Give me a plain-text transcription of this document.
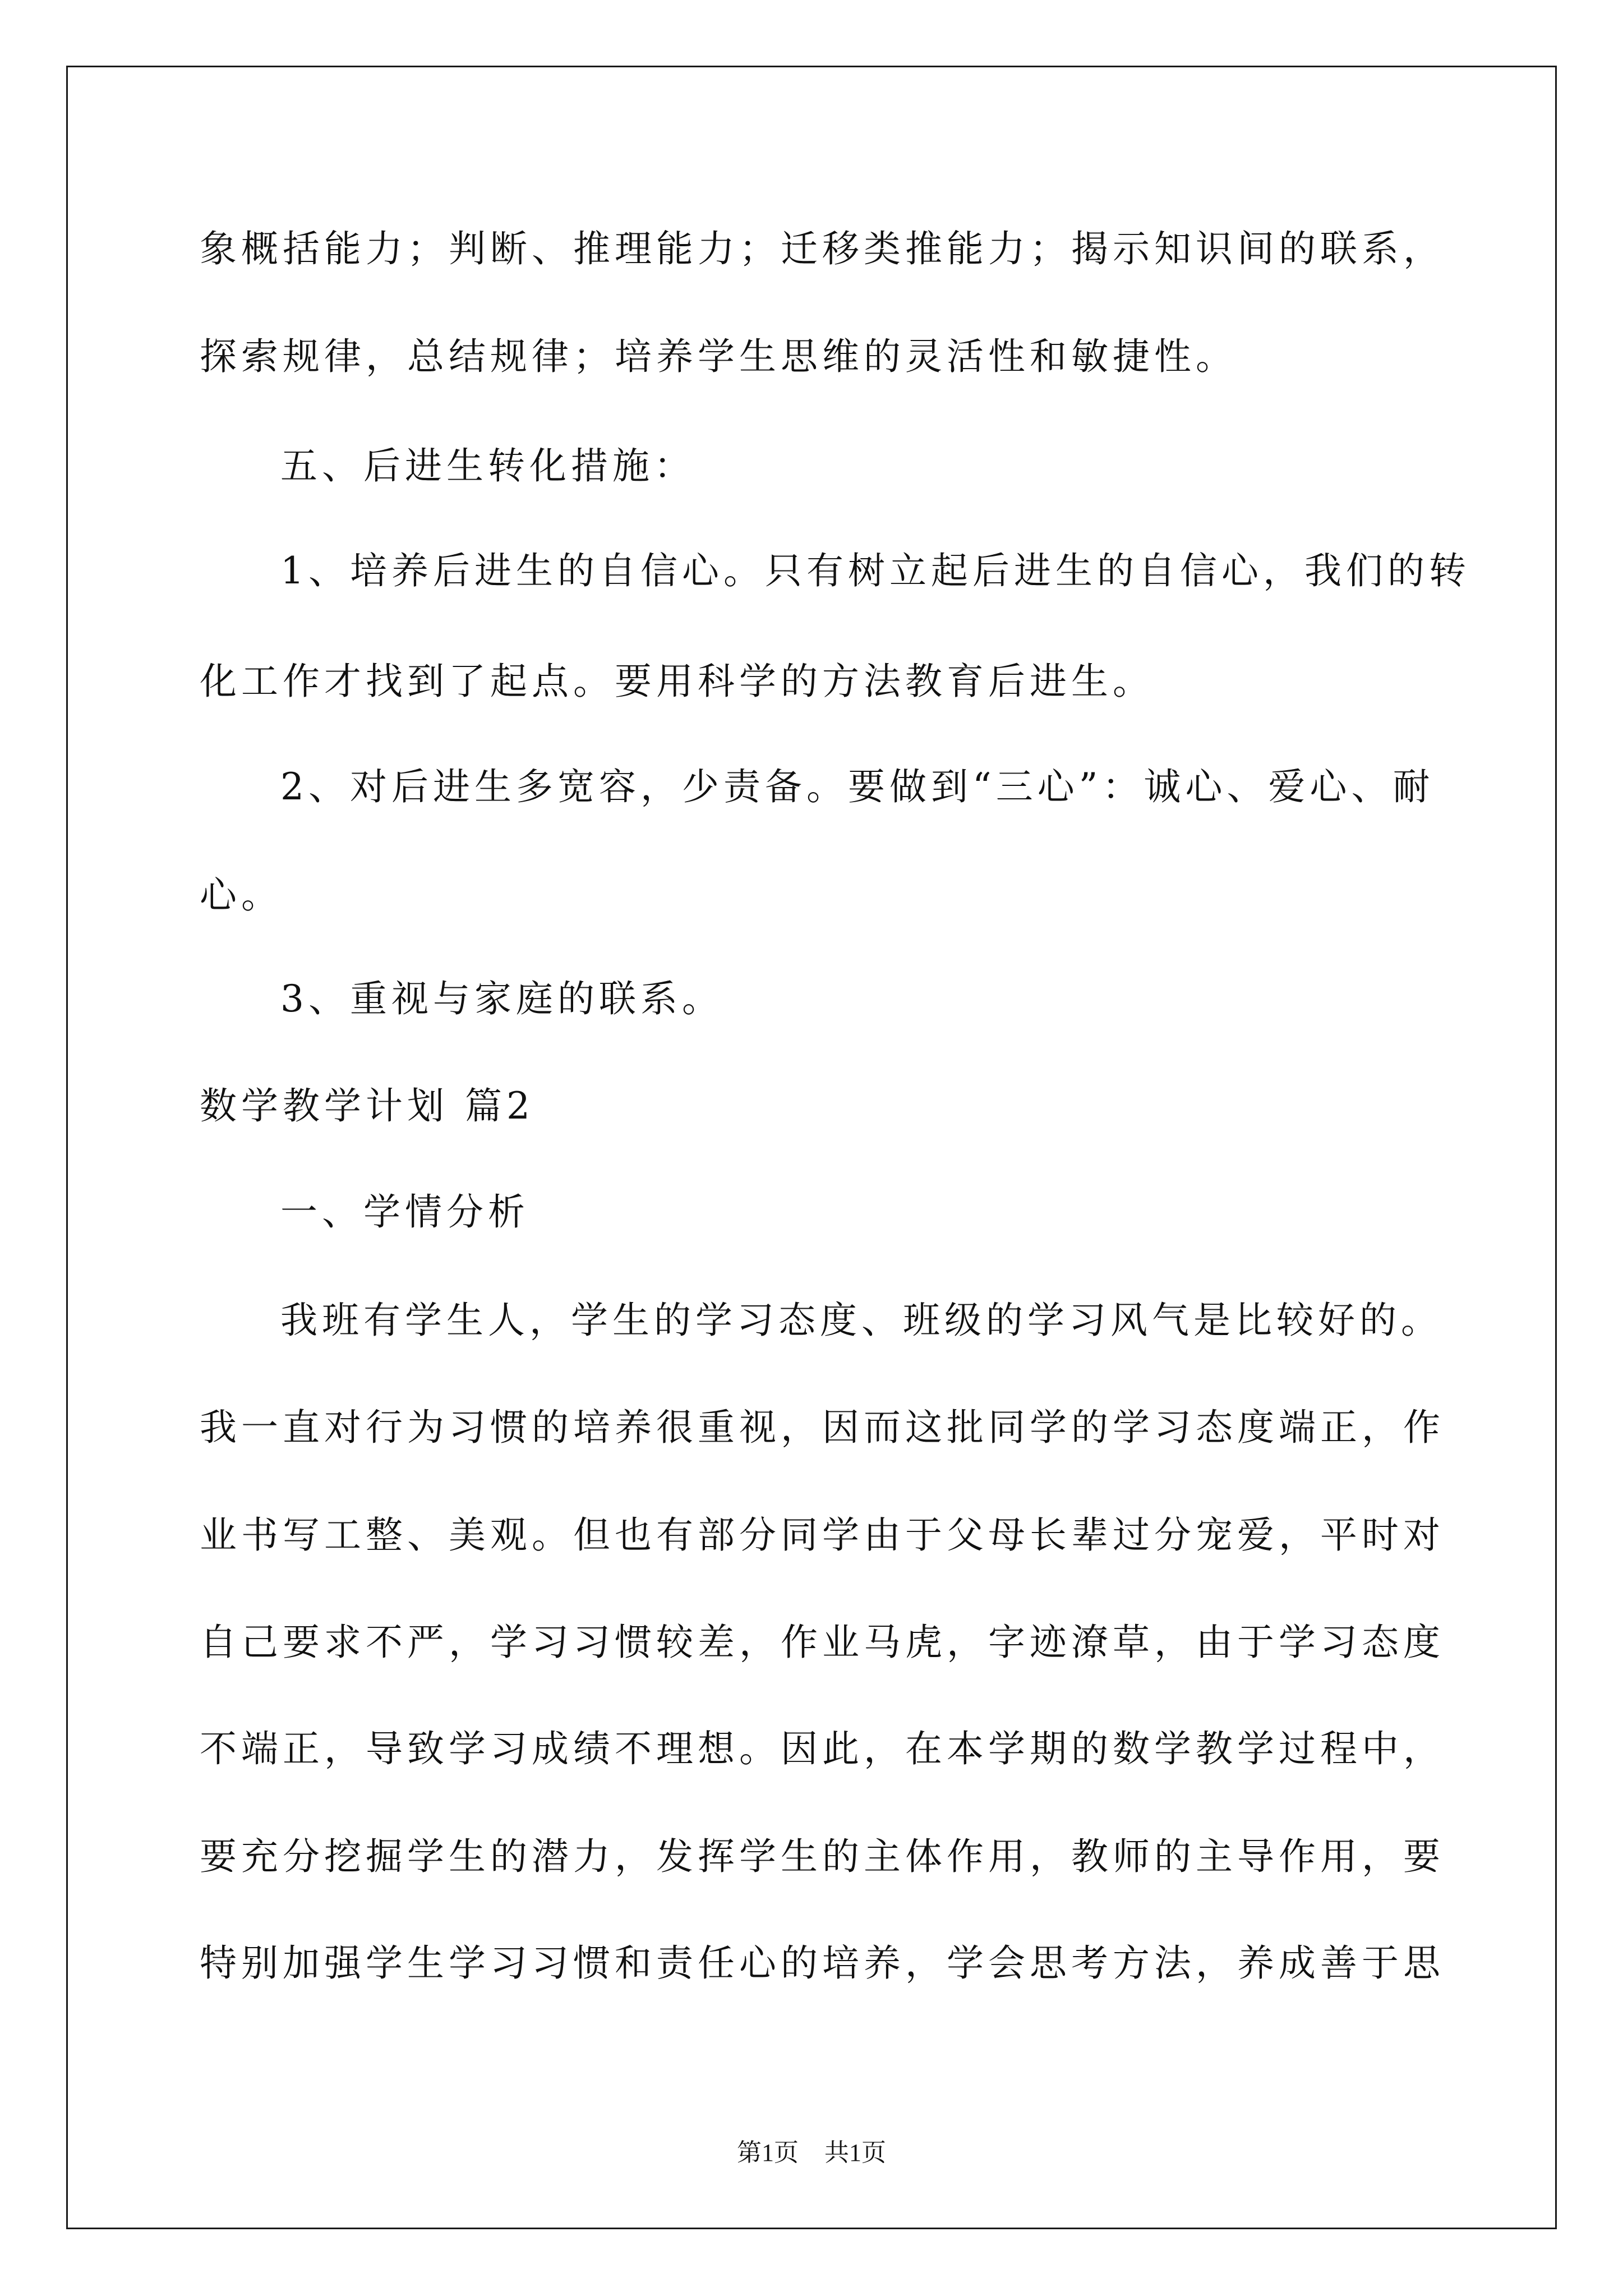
象概括能力；判断、推理能力；迁移类推能力；揭示知识间的联系，

探索规律，总结规律；培养学生思维的灵活性和敏捷性。

五、后进生转化措施：

1、培养后进生的自信心。只有树立起后进生的自信心，我们的转

化工作才找到了起点。要用科学的方法教育后进生。

2、对后进生多宽容，少责备。要做到“三心”：诚心、爱心、耐

心。

3、重视与家庭的联系。

数学教学计划 篇2

一、学情分析

我班有学生人，学生的学习态度、班级的学习风气是比较好的。

我一直对行为习惯的培养很重视，因而这批同学的学习态度端正，作

业书写工整、美观。但也有部分同学由于父母长辈过分宠爱，平时对

自己要求不严，学习习惯较差，作业马虎，字迹潦草，由于学习态度

不端正，导致学习成绩不理想。因此，在本学期的数学教学过程中，

要充分挖掘学生的潜力，发挥学生的主体作用，教师的主导作用，要

特别加强学生学习习惯和责任心的培养，学会思考方法，养成善于思

第1页 共1页
